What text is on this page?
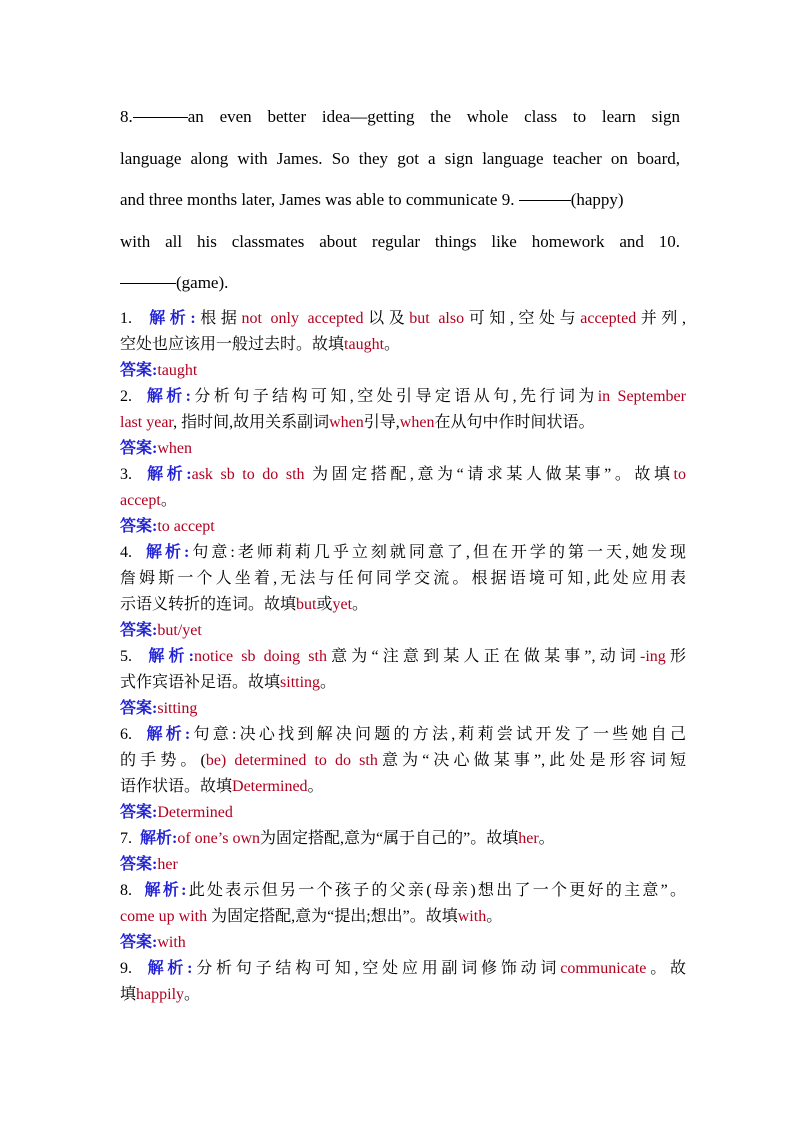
8.	an even better idea—getting the whole class to learn sign
language along with James. So they got a sign language teacher on board,
and three months later, James was able to communicate 9.	(happy)
with all his classmates about regular things like homework and 10.
(game).
1. 解析:根据not only accepted以及but also可知,空处与accepted并列,
空处也应该用一般过去时。故填taught。
答案:taught
2. 解析:分析句子结构可知,空处引导定语从句,先行词为in September
last year, 指时间,故用关系副词when引导,when在从句中作时间状语。
答案:when
3. 解析:ask sb to do sth 为固定搭配,意为“请求某人做某事”。故填to
accept。
答案:to accept
4. 解析:句意:老师莉莉几乎立刻就同意了,但在开学的第一天,她发现
詹姆斯一个人坐着,无法与任何同学交流。根据语境可知,此处应用表
示语义转折的连词。故填but或yet。
答案:but/yet
5. 解析:notice sb doing sth意为“注意到某人正在做某事”,动词-ing形
式作宾语补足语。故填sitting。
答案:sitting
6. 解析:句意:决心找到解决问题的方法,莉莉尝试开发了一些她自己
的手势。(be) determined to do sth意为“决心做某事”,此处是形容词短
语作状语。故填Determined。
答案:Determined
7. 解析:of one’s own为固定搭配,意为“属于自己的”。故填her。
答案:her
8. 解析:此处表示但另一个孩子的父亲(母亲)想出了一个更好的主意”。
come up with 为固定搭配,意为“提出;想出”。故填with。
答案:with
9. 解析:分析句子结构可知,空处应用副词修饰动词communicate。故
填happily。
